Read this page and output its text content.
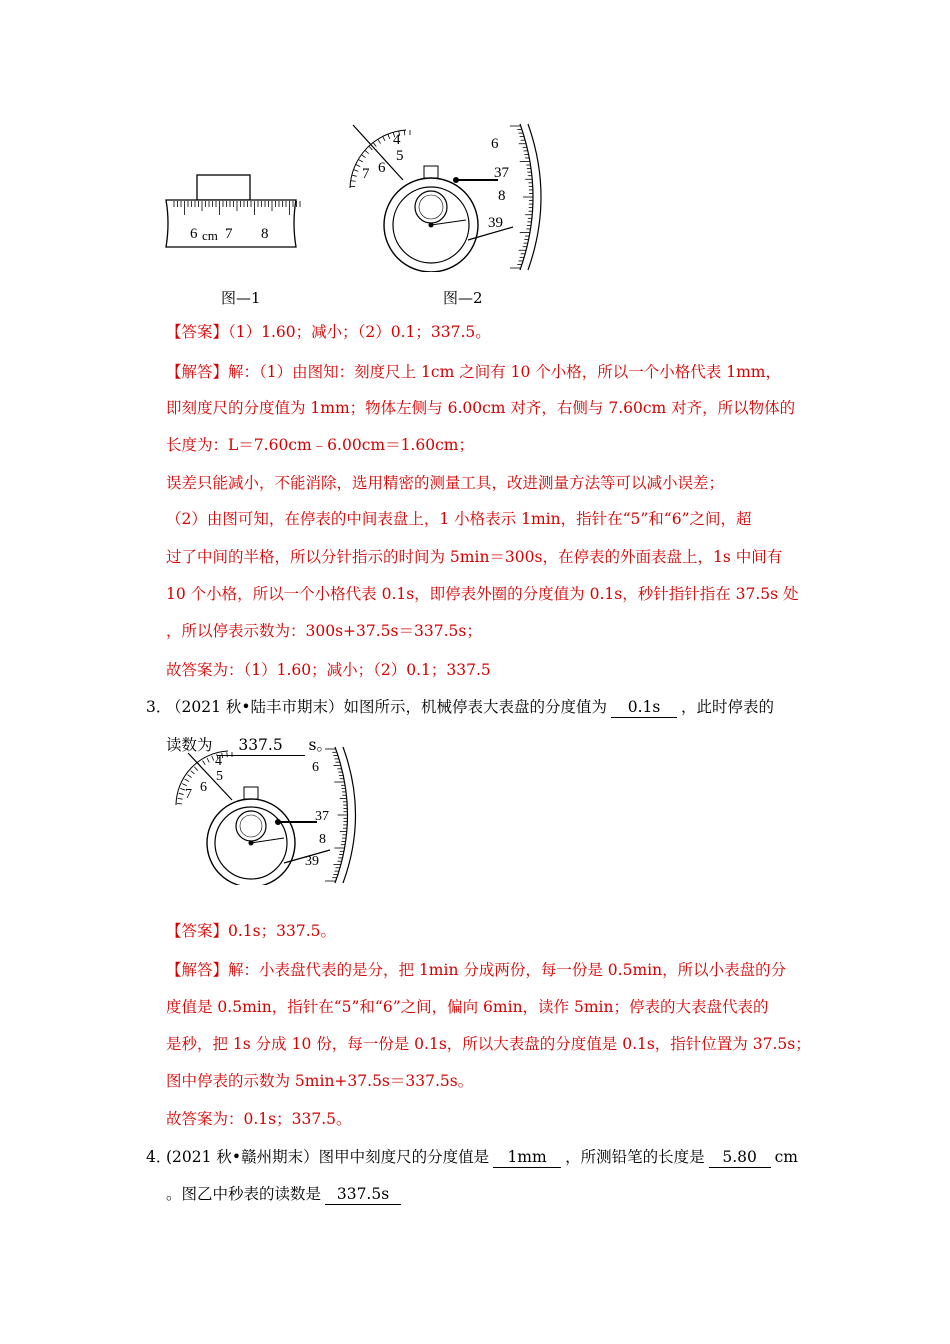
6 cm 7 8
4
5
6
7
6
37
8
39
图—1	图—2
【答案】（1）1.60；减小；（2）0.1；337.5。
【解答】解：（1）由图知：刻度尺上 1cm 之间有 10 个小格，所以一个小格代表 1mm，
即刻度尺的分度值为 1mm；物体左侧与 6.00cm 对齐，右侧与 7.60cm 对齐，所以物体的
长度为：L＝7.60cm﹣6.00cm＝1.60cm；
误差只能减小，不能消除，选用精密的测量工具，改进测量方法等可以减小误差；
（2）由图可知，在停表的中间表盘上，1 小格表示 1min，指针在“5”和“6”之间，超
过了中间的半格，所以分针指示的时间为 5min＝300s，在停表的外面表盘上，1s 中间有
10 个小格，所以一个小格代表 0.1s，即停表外圈的分度值为 0.1s，秒针指针指在 37.5s 处
，所以停表示数为：300s+37.5s＝337.5s；
故答案为：（1）1.60；减小；（2）0.1；337.5
3．
（2021 秋•陆丰市期末）如图所示，机械停表大表盘的分度值为 0.1s ，此时停表的
读数为 337.5 s。
4
5
6
7
6
37
8
39
【答案】0.1s；337.5。
【解答】解：小表盘代表的是分，把 1min 分成两份，每一份是 0.5min，所以小表盘的分
度值是 0.5min，指针在“5”和“6”之间，偏向 6min，读作 5min；停表的大表盘代表的
是秒，把 1s 分成 10 份，每一份是 0.1s，所以大表盘的分度值是 0.1s，指针位置为 37.5s；
图中停表的示数为 5min+37.5s＝337.5s。
故答案为：0.1s；337.5。
4．
(2021 秋•赣州期末）图甲中刻度尺的分度值是 1mm ，所测铅笔的长度是 5.80 cm
。图乙中秒表的读数是 337.5s
